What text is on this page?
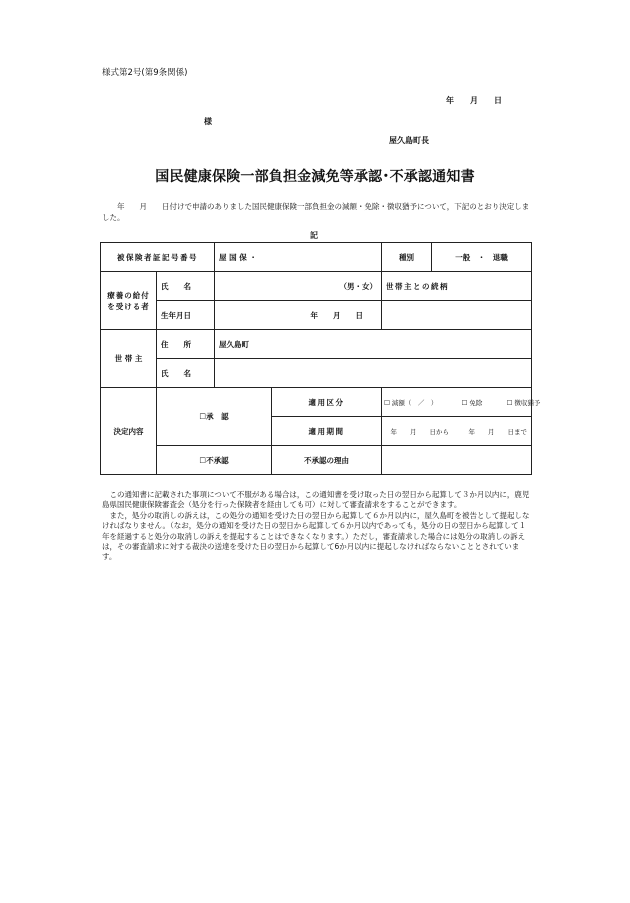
様式第2号(第9条関係)
年　　月　　日
様
屋久島町長
国民健康保険一部負担金減免等承認･不承認通知書
　　年　　月　　日付けで申請のありました国民健康保険一部負担金の減額・免除・徴収猶予について，下記のとおり決定しました。
記
被保険者証記号番号		屋 国 保 ・		種別	一般　・　退職
療養の給付を受ける者	氏　　名	（男・女）		世帯主との続柄	
	生年月日	年　　月　　日			
世 帯 主	住　　所	屋久島町			
	氏　　名				
決定内容	☐承　認		適用区分	☐ 減額（　／　） ☐ 免除 ☐ 徴収猶予	
			適用期間	年　　月　　日から　　　年　　月　　日まで	
	☐不承認		不承認の理由		

この通知書に記載された事項について不服がある場合は，この通知書を受け取った日の翌日から起算して３か月以内に，鹿児島県国民健康保険審査会（処分を行った保険者を経由しても可）に対して審査請求をすることができます。

また，処分の取消しの訴えは，この処分の通知を受けた日の翌日から起算して６か月以内に，屋久島町を被告として提起しなければなりません。（なお，処分の通知を受けた日の翌日から起算して６か月以内であっても，処分の日の翌日から起算して１年を経過すると処分の取消しの訴えを提起することはできなくなります。）ただし，審査請求した場合には処分の取消しの訴えは，その審査請求に対する裁決の送達を受けた日の翌日から起算して6か月以内に提起しなければならないこととされています。
